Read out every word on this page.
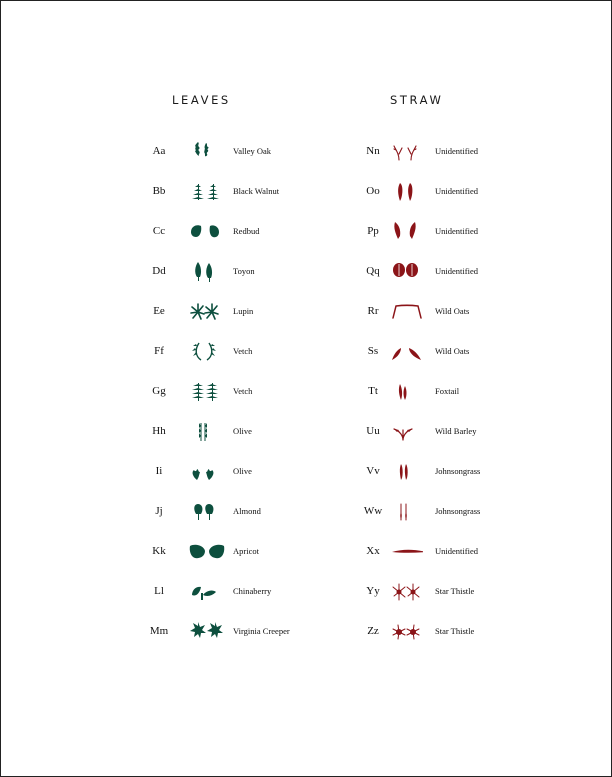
LEAVES
Aa	Valley Oak
Bb	Black Walnut
Cc	Redbud
Dd	Toyon
Ee	Lupin
Ff	Vetch
Gg	Vetch
Hh	Olive
Ii	Olive
Jj	Almond
Kk	Apricot
Ll	Chinaberry
Mm	Virginia Creeper
STRAW
Nn	Unidentified
Oo	Unidentified
Pp	Unidentified
Qq	Unidentified
Rr	Wild Oats
Ss	Wild Oats
Tt	Foxtail
Uu	Wild Barley
Vv	Johnsongrass
Ww	Johnsongrass
Xx	Unidentified
Yy	Star Thistle
Zz	Star Thistle
